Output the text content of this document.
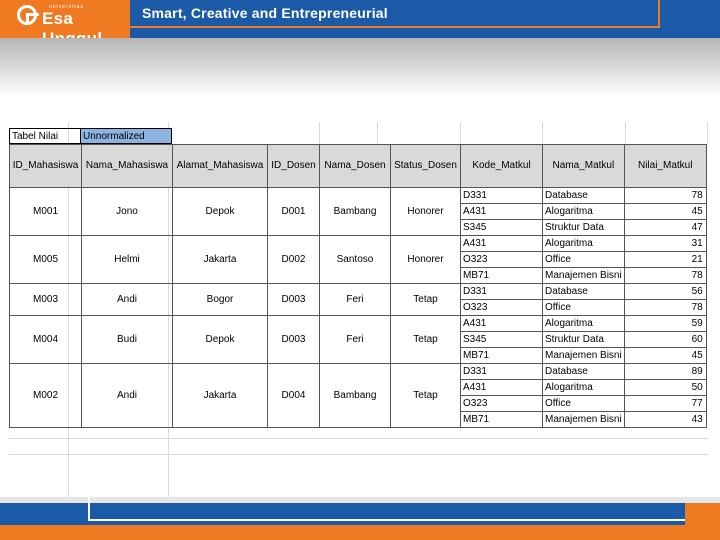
universitas
Esa	Smart, Creative and Entrepreneurial
Tabel Nilai	Unnormalized
ID_Mahasiswa	Nama_Mahasiswa	Alamat_Mahasiswa	ID_Dosen	Nama_Dosen	Status_Dosen	Kode_Matkul	Nama_Matkul	Nilai_Matkul
M001	Jono	Depok	D001	Bambang	Honorer	D331	Database	78
						A431	Alogaritma	45
						S345	Struktur Data	47
M005	Helmi	Jakarta	D002	Santoso	Honorer	A431	Alogaritma	31
						O323	Office	21
						MB71	Manajemen Bisni	78
M003	Andi	Bogor	D003	Feri	Tetap	D331	Database	56
						O323	Office	78
M004	Budi	Depok	D003	Feri	Tetap	A431	Alogaritma	59
						S345	Struktur Data	60
						MB71	Manajemen Bisni	45
M002	Andi	Jakarta	D004	Bambang	Tetap	D331	Database	89
						A431	Alogaritma	50
						O323	Office	77
						MB71	Manajemen Bisni	43
